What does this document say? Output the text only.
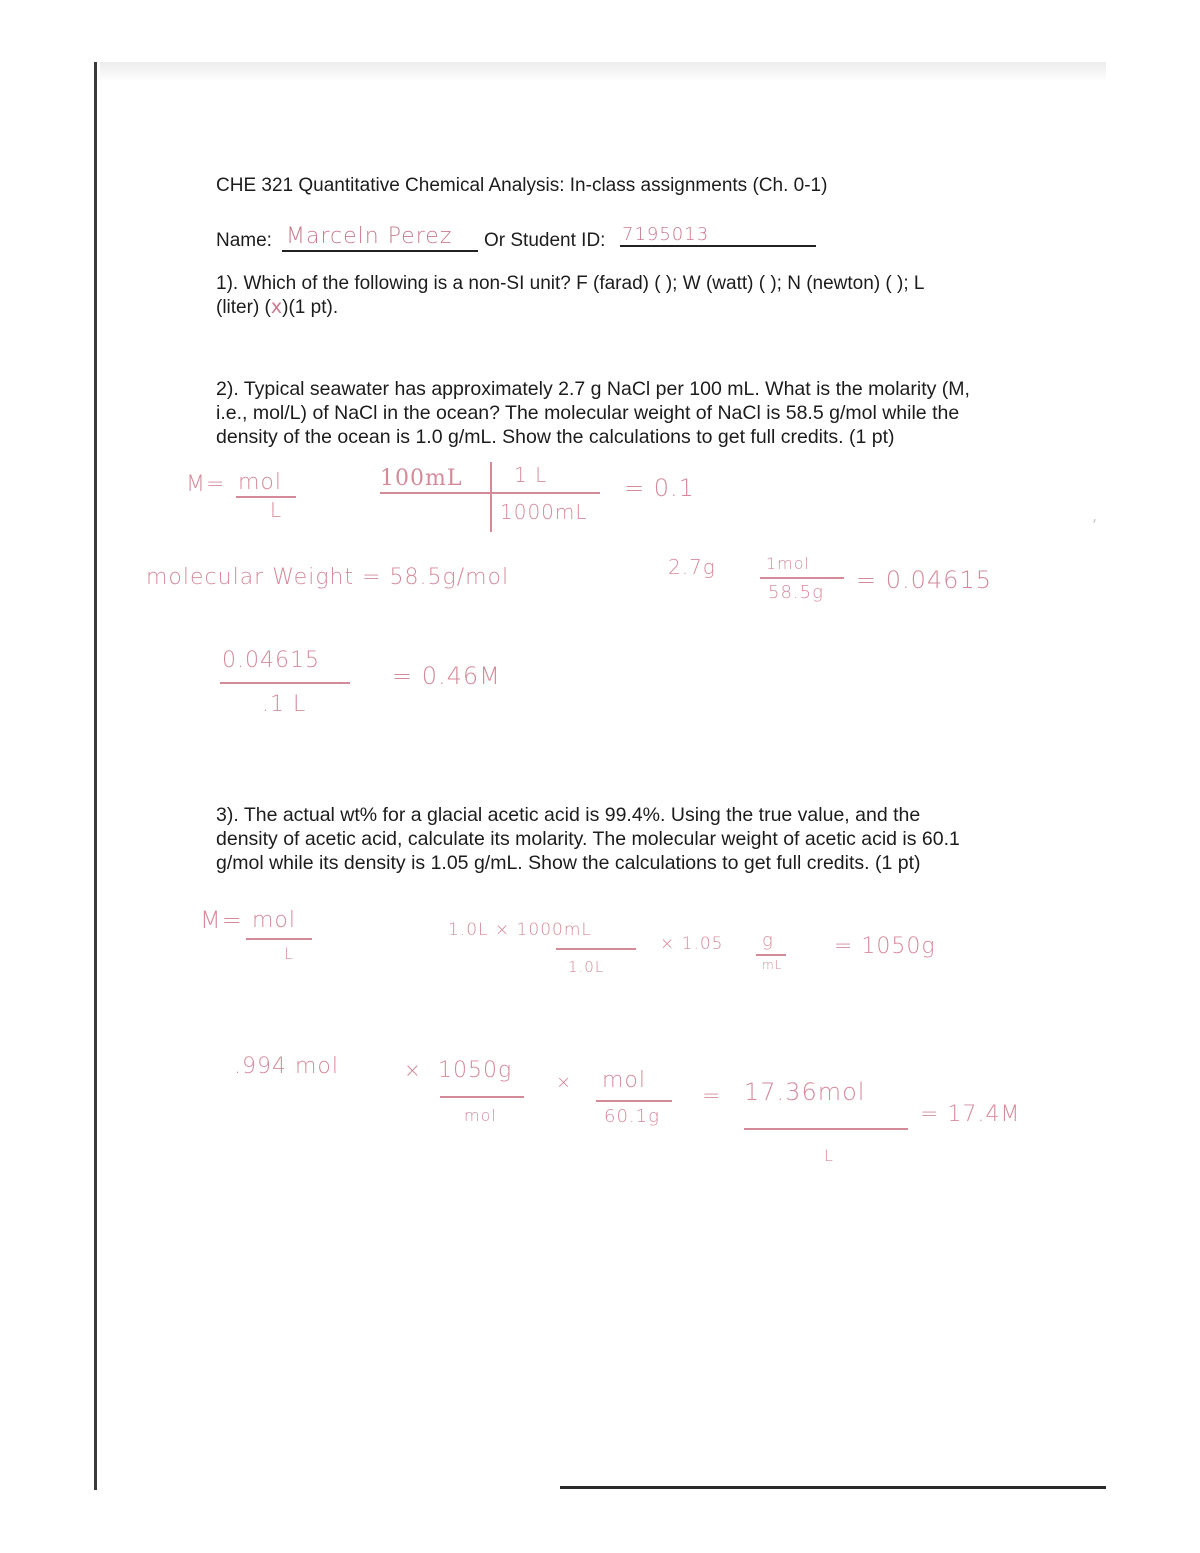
CHE 321 Quantitative Chemical Analysis: In-class assignments (Ch. 0-1)
Name: Marceln Perez Or Student ID: 7195013
1). Which of the following is a non-SI unit? F (farad) ( ); W (watt) ( ); N (newton) ( ); L
(liter) (x)(1 pt).
2). Typical seawater has approximately 2.7 g NaCl per 100 mL. What is the molarity (M,
i.e., mol/L) of NaCl in the ocean? The molecular weight of NaCl is 58.5 g/mol while the
density of the ocean is 1.0 g/mL. Show the calculations to get full credits. (1 pt)
M= mol
L
100mL	1 L
1000mL
= 0.1
molecular Weight = 58.5g/mol	2.7g	1mol
58.5g = 0.04615
0.04615
.1 L
= 0.46M
,
3). The actual wt% for a glacial acetic acid is 99.4%. Using the true value, and the
density of acetic acid, calculate its molarity. The molecular weight of acetic acid is 60.1
g/mol while its density is 1.05 g/mL. Show the calculations to get full credits. (1 pt)
M= mol
L
1.0L × 1000mL
1.0L
× 1.05 g
mL
= 1050g
.994 mol	× 1050g
mol
× mol
60.1g
= 17.36mol
L
= 17.4M
